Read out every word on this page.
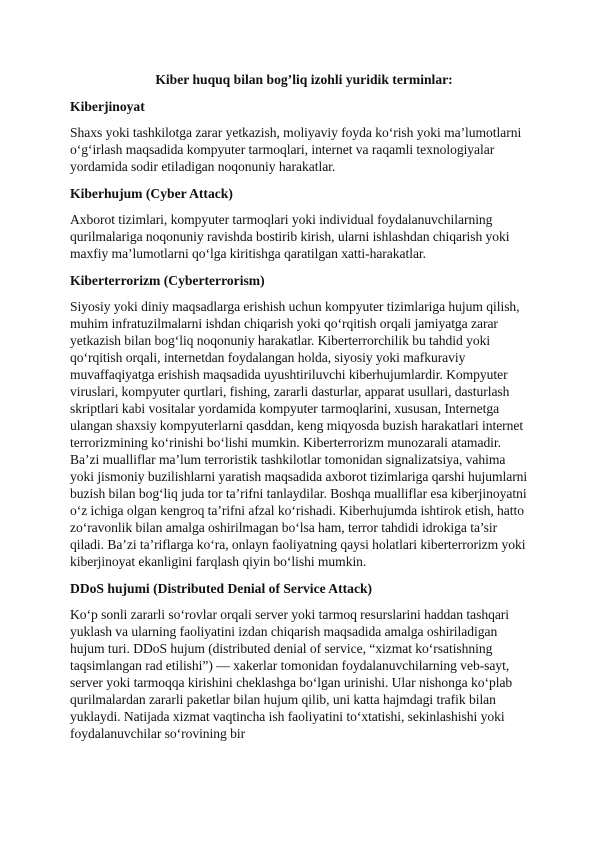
Kiber huquq bilan bog’liq izohli yuridik terminlar:
Kiberjinoyat
Shaxs yoki tashkilotga zarar yetkazish, moliyaviy foyda ko‘rish yoki ma’lumotlarni o‘g‘irlash maqsadida kompyuter tarmoqlari, internet va raqamli texnologiyalar yordamida sodir etiladigan noqonuniy harakatlar.
Kiberhujum (Cyber Attack)
Axborot tizimlari, kompyuter tarmoqlari yoki individual foydalanuvchilarning qurilmalariga noqonuniy ravishda bostirib kirish, ularni ishlashdan chiqarish yoki maxfiy ma’lumotlarni qo‘lga kiritishga qaratilgan xatti-harakatlar.
Kiberterrorizm (Cyberterrorism)
Siyosiy yoki diniy maqsadlarga erishish uchun kompyuter tizimlariga hujum qilish, muhim infratuzilmalarni ishdan chiqarish yoki qo‘rqitish orqali jamiyatga zarar yetkazish bilan bog‘liq noqonuniy harakatlar. Kiberterrorchilik bu tahdid yoki qo‘rqitish orqali, internetdan foydalangan holda, siyosiy yoki mafkuraviy muvaffaqiyatga erishish maqsadida uyushtiriluvchi kiberhujumlardir. Kompyuter viruslari, kompyuter qurtlari, fishing, zararli dasturlar, apparat usullari, dasturlash skriptlari kabi vositalar yordamida kompyuter tarmoqlarini, xususan, Internetga ulangan shaxsiy kompyuterlarni qasddan, keng miqyosda buzish harakatlari internet terrorizmining ko‘rinishi bo‘lishi mumkin. Kiberterrorizm munozarali atamadir. Ba’zi mualliflar ma’lum terroristik tashkilotlar tomonidan signalizatsiya, vahima yoki jismoniy buzilishlarni yaratish maqsadida axborot tizimlariga qarshi hujumlarni buzish bilan bog‘liq juda tor ta’rifni tanlaydilar. Boshqa mualliflar esa kiberjinoyatni o‘z ichiga olgan kengroq ta’rifni afzal ko‘rishadi. Kiberhujumda ishtirok etish, hatto zo‘ravonlik bilan amalga oshirilmagan bo‘lsa ham, terror tahdidi idrokiga ta’sir qiladi. Ba’zi ta’riflarga ko‘ra, onlayn faoliyatning qaysi holatlari kiberterrorizm yoki kiberjinoyat ekanligini farqlash qiyin bo‘lishi mumkin.
DDoS hujumi (Distributed Denial of Service Attack)
Ko‘p sonli zararli so‘rovlar orqali server yoki tarmoq resurslarini haddan tashqari yuklash va ularning faoliyatini izdan chiqarish maqsadida amalga oshiriladigan hujum turi. DDoS hujum (distributed denial of service, “xizmat ko‘rsatishning taqsimlangan rad etilishi”) — xakerlar tomonidan foydalanuvchilarning veb-sayt, server yoki tarmoqqa kirishini cheklashga bo‘lgan urinishi. Ular nishonga ko‘plab qurilmalardan zararli paketlar bilan hujum qilib, uni katta hajmdagi trafik bilan yuklaydi. Natijada xizmat vaqtincha ish faoliyatini to‘xtatishi, sekinlashishi yoki foydalanuvchilar so‘rovining bir
